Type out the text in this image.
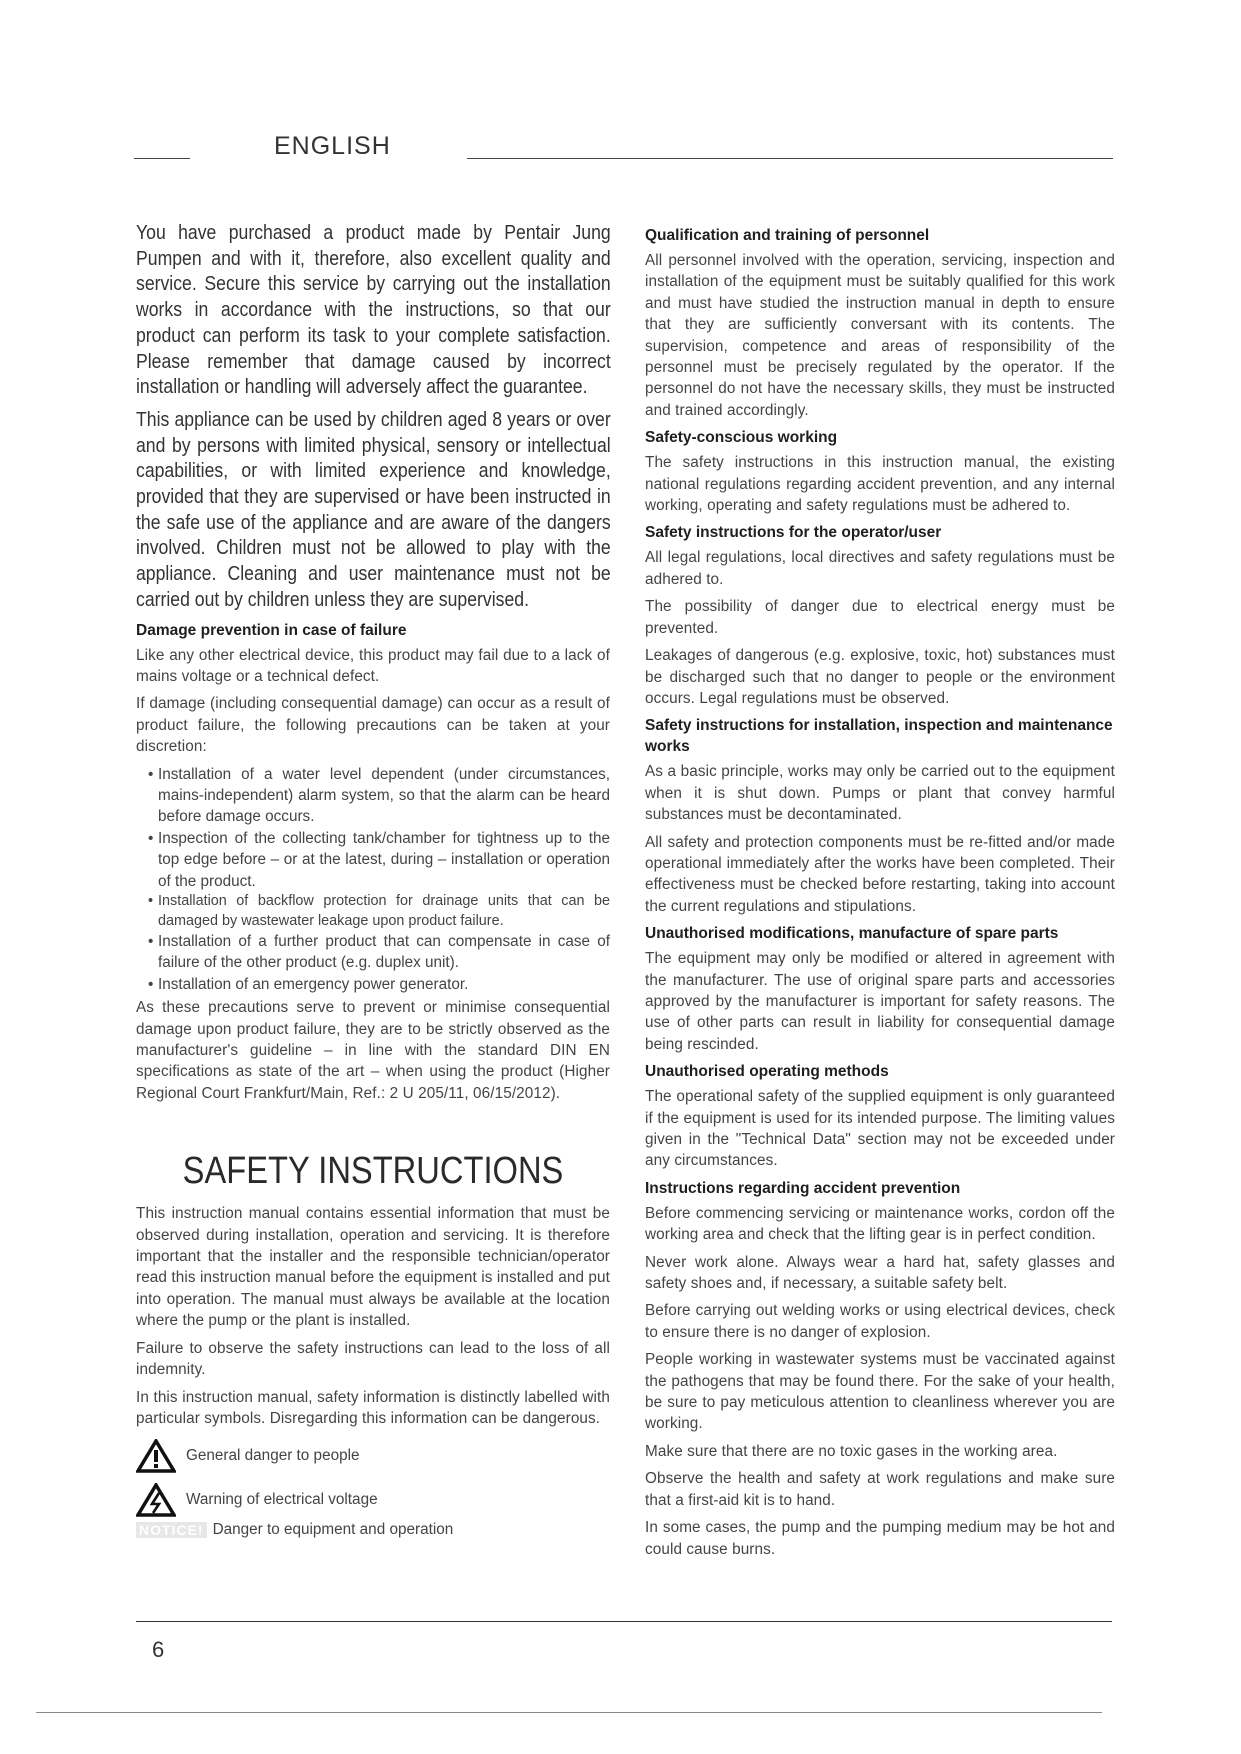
ENGLISH

You have purchased a product made by Pentair Jung Pumpen and with it, therefore, also excellent quality and service. Secure this service by carrying out the installation works in accordance with the instructions, so that our product can perform its task to your complete satisfaction. Please remember that damage caused by incorrect installation or handling will adversely affect the guarantee.

This appliance can be used by children aged 8 years or over and by persons with limited physical, sensory or intellectual capabilities, or with limited experience and knowledge, provided that they are supervised or have been instructed in the safe use of the appliance and are aware of the dangers involved. Children must not be allowed to play with the appliance. Cleaning and user maintenance must not be carried out by children unless they are supervised.

Damage prevention in case of failure

Like any other electrical device, this product may fail due to a lack of mains voltage or a technical defect.

If damage (including consequential damage) can occur as a result of product failure, the following precautions can be taken at your discretion:

• Installation of a water level dependent (under circumstances, mains-independent) alarm system, so that the alarm can be heard before damage occurs.
• Inspection of the collecting tank/chamber for tightness up to the top edge before – or at the latest, during – installation or operation of the product.
• Installation of backflow protection for drainage units that can be damaged by wastewater leakage upon product failure.
• Installation of a further product that can compensate in case of failure of the other product (e.g. duplex unit).
• Installation of an emergency power generator.

As these precautions serve to prevent or minimise consequential damage upon product failure, they are to be strictly observed as the manufacturer's guideline – in line with the standard DIN EN specifications as state of the art – when using the product (Higher Regional Court Frankfurt/Main, Ref.: 2 U 205/11, 06/15/2012).

SAFETY INSTRUCTIONS

This instruction manual contains essential information that must be observed during installation, operation and servicing. It is therefore important that the installer and the responsible technician/operator read this instruction manual before the equipment is installed and put into operation. The manual must always be available at the location where the pump or the plant is installed.

Failure to observe the safety instructions can lead to the loss of all indemnity.

In this instruction manual, safety information is distinctly labelled with particular symbols. Disregarding this information can be dangerous.

General danger to people
Warning of electrical voltage
NOTICE! Danger to equipment and operation
Qualification and training of personnel

All personnel involved with the operation, servicing, inspection and installation of the equipment must be suitably qualified for this work and must have studied the instruction manual in depth to ensure that they are sufficiently conversant with its contents. The supervision, competence and areas of responsibility of the personnel must be precisely regulated by the operator. If the personnel do not have the necessary skills, they must be instructed and trained accordingly.

Safety-conscious working

The safety instructions in this instruction manual, the existing national regulations regarding accident prevention, and any internal working, operating and safety regulations must be adhered to.

Safety instructions for the operator/user

All legal regulations, local directives and safety regulations must be adhered to.

The possibility of danger due to electrical energy must be prevented.

Leakages of dangerous (e.g. explosive, toxic, hot) substances must be discharged such that no danger to people or the environment occurs. Legal regulations must be observed.

Safety instructions for installation, inspection and maintenance works

As a basic principle, works may only be carried out to the equipment when it is shut down. Pumps or plant that convey harmful substances must be decontaminated.

All safety and protection components must be re-fitted and/or made operational immediately after the works have been completed. Their effectiveness must be checked before restarting, taking into account the current regulations and stipulations.

Unauthorised modifications, manufacture of spare parts

The equipment may only be modified or altered in agreement with the manufacturer. The use of original spare parts and accessories approved by the manufacturer is important for safety reasons. The use of other parts can result in liability for consequential damage being rescinded.

Unauthorised operating methods

The operational safety of the supplied equipment is only guaranteed if the equipment is used for its intended purpose. The limiting values given in the "Technical Data" section may not be exceeded under any circumstances.

Instructions regarding accident prevention

Before commencing servicing or maintenance works, cordon off the working area and check that the lifting gear is in perfect condition.

Never work alone. Always wear a hard hat, safety glasses and safety shoes and, if necessary, a suitable safety belt.

Before carrying out welding works or using electrical devices, check to ensure there is no danger of explosion.

People working in wastewater systems must be vaccinated against the pathogens that may be found there. For the sake of your health, be sure to pay meticulous attention to cleanliness wherever you are working.

Make sure that there are no toxic gases in the working area.

Observe the health and safety at work regulations and make sure that a first-aid kit is to hand.

In some cases, the pump and the pumping medium may be hot and could cause burns.

6
